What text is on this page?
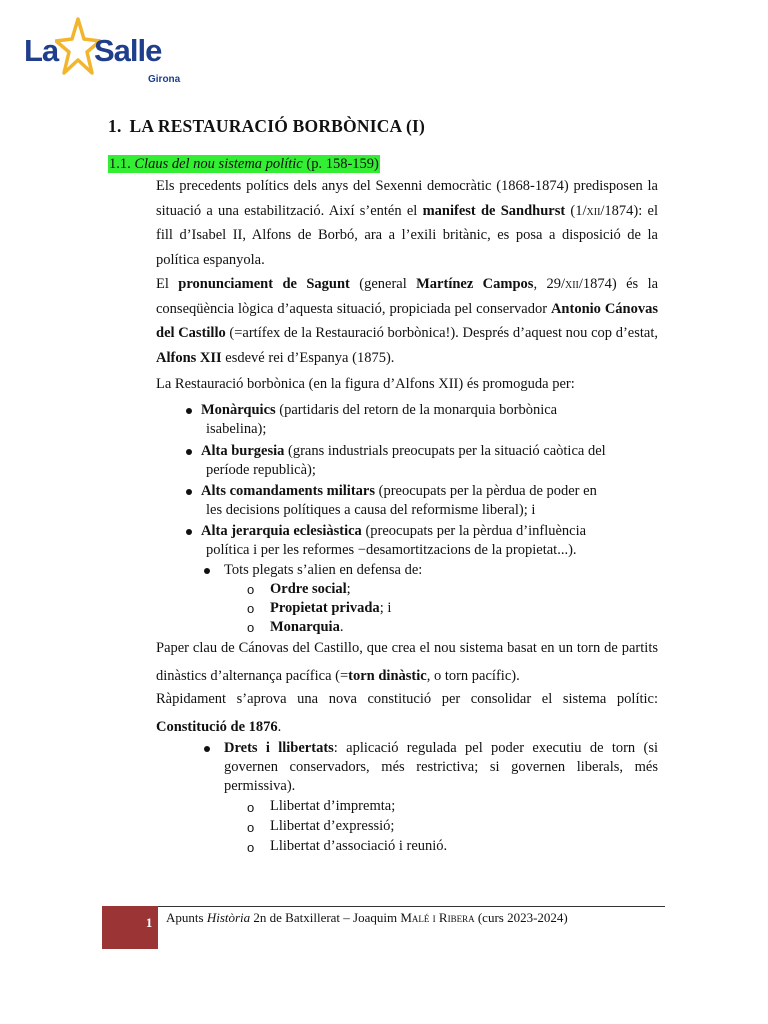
La Salle
Girona
1. LA RESTAURACIÓ BORBÒNICA (I)
1.1. Claus del nou sistema polític (p. 158-159)

Els precedents polítics dels anys del Sexenni democràtic (1868-1874) predisposen la situació a una estabilització. Així s’entén el manifest de Sandhurst (1/xii/1874): el fill d’Isabel II, Alfons de Borbó, ara a l’exili britànic, es posa a disposició de la política espanyola.

El pronunciament de Sagunt (general Martínez Campos, 29/xii/1874) és la conseqüència lògica d’aquesta situació, propiciada pel conservador Antonio Cánovas del Castillo (=artífex de la Restauració borbònica!). Després d’aquest nou cop d’estat, Alfons XII esdevé rei d’Espanya (1875).

La Restauració borbònica (en la figura d’Alfons XII) és promoguda per:

Monàrquics (partidaris del retorn de la monarquia borbònica
isabelina);
Alta burgesia (grans industrials preocupats per la situació caòtica del
període republicà);
Alts comandaments militars (preocupats per la pèrdua de poder en
les decisions polítiques a causa del reformisme liberal); i
Alta jerarquia eclesiàstica (preocupats per la pèrdua d’influència
política i per les reformes −desamortitzacions de la propietat...).
Tots plegats s’alien en defensa de:
o Ordre social;
o Propietat privada; i
o Monarquia.

Paper clau de Cánovas del Castillo, que crea el nou sistema basat en un torn de partits dinàstics d’alternança pacífica (=torn dinàstic, o torn pacífic).

Ràpidament s’aprova una nova constitució per consolidar el sistema polític: Constitució de 1876.

Drets i llibertats: aplicació regulada pel poder executiu de torn (si
governen conservadors, més restrictiva; si governen liberals, més
permissiva).
o Llibertat d’impremta;
o Llibertat d’expressió;
o Llibertat d’associació i reunió.
1 Apunts Història 2n de Batxillerat – Joaquim Malé i Ribera (curs 2023-2024)
